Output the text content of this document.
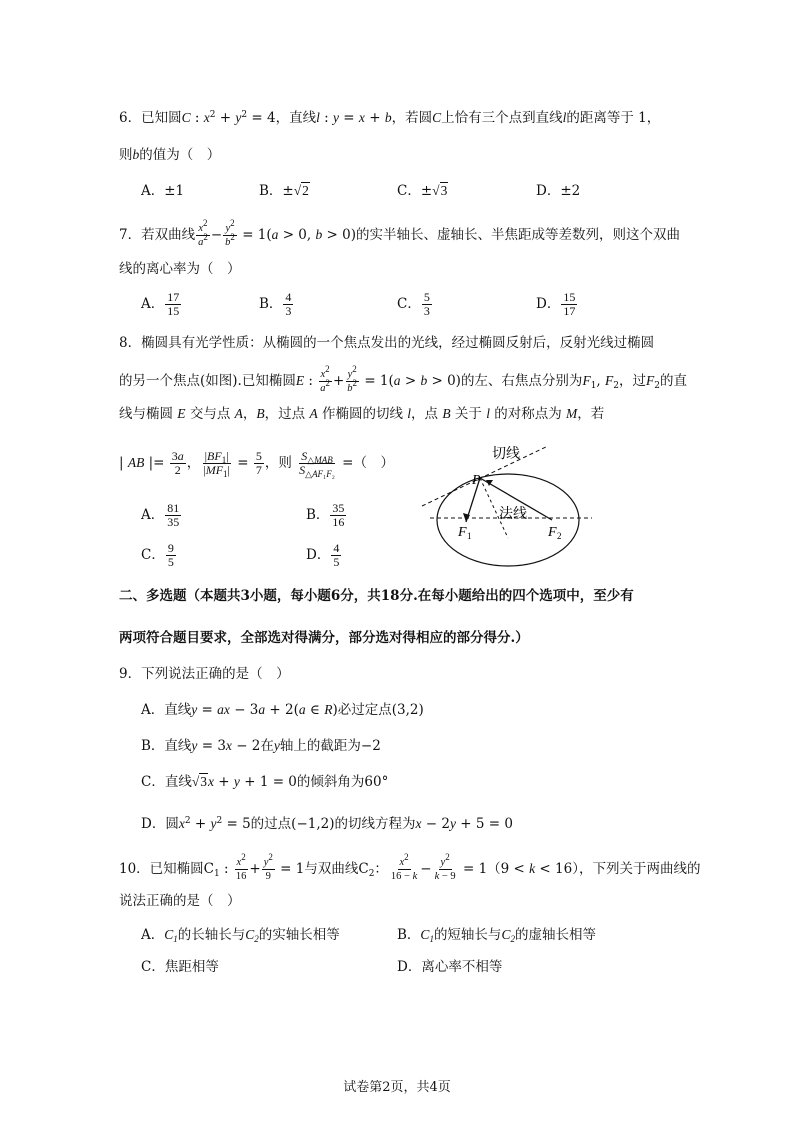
6．已知圆C : $x^2 + y^2 = 4$，直线l : y = x + b，若圆C上恰有三个点到直线l的距离等于 1，
则b的值为（　）
A．±1	B．±√2	C．±√3	D．±2
7．若双曲线 $\frac{x^2}{a^2} - \frac{y^2}{b^2} = 1(a > 0$, b > 0)的实半轴长、虚轴长、半焦距成等差数列，则这个双曲
线的离心率为（　）
A． $\frac{17}{15}$	B． $\frac{4}{3}$	C． $\frac{5}{3}$	D． $\frac{15}{17}$
8．椭圆具有光学性质：从椭圆的一个焦点发出的光线，经过椭圆反射后，反射光线过椭圆
的另一个焦点(如图).已知椭圆E : $\frac{x^2}{a^2} + \frac{y^2}{b^2} = 1(a > b > 0)$的左、右焦点分别为$F_1$, $F_2$，过$F_2$的直
线与椭圆 E 交与点 A，B，过点 A 作椭圆的切线 l，点 B 关于 l 的对称点为 M，若
| AB |= $\frac{3a}{2}$ ， $\frac{|BF_1|}{|MF_1|} = \frac{5}{7}$ ，则 $\frac{S_{\triangle MAB}}{S_{\triangle AF_1F_2}}$ =（　）
A． $\frac{81}{35}$	B． $\frac{35}{16}$
C． $\frac{9}{5}$	D． $\frac{4}{5}$
切线
P
法线
F 1	F 2
二、多选题（本题共3小题，每小题6分，共18分.在每小题给出的四个选项中，至少有
两项符合题目要求，全部选对得满分，部分选对得相应的部分得分.）
9．下列说法正确的是（　）
A．直线y = ax − 3a + 2(a ∈ R)必过定点(3,2)
B．直线y = 3x − 2在y轴上的截距为−2
C．直线√3x + y + 1 = 0的倾斜角为60°
D．圆$x^2 + y^2 = 5$的过点(−1,2)的切线方程为x − 2y + 5 = 0
10．已知椭圆$C_1$ : $\frac{x^2}{16} + \frac{y^2}{9} = 1$与双曲线$C_2$： $\frac{x^2}{16 - k} - \frac{y^2}{k - 9} = 1(9 < k < 16)$，下列关于两曲线的
说法正确的是（　）
A．$C_1$的长轴长与$C_2$的实轴长相等	B．$C_1$的短轴长与$C_2$的虚轴长相等
C．焦距相等	D．离心率不相等
试卷第2页，共4页
